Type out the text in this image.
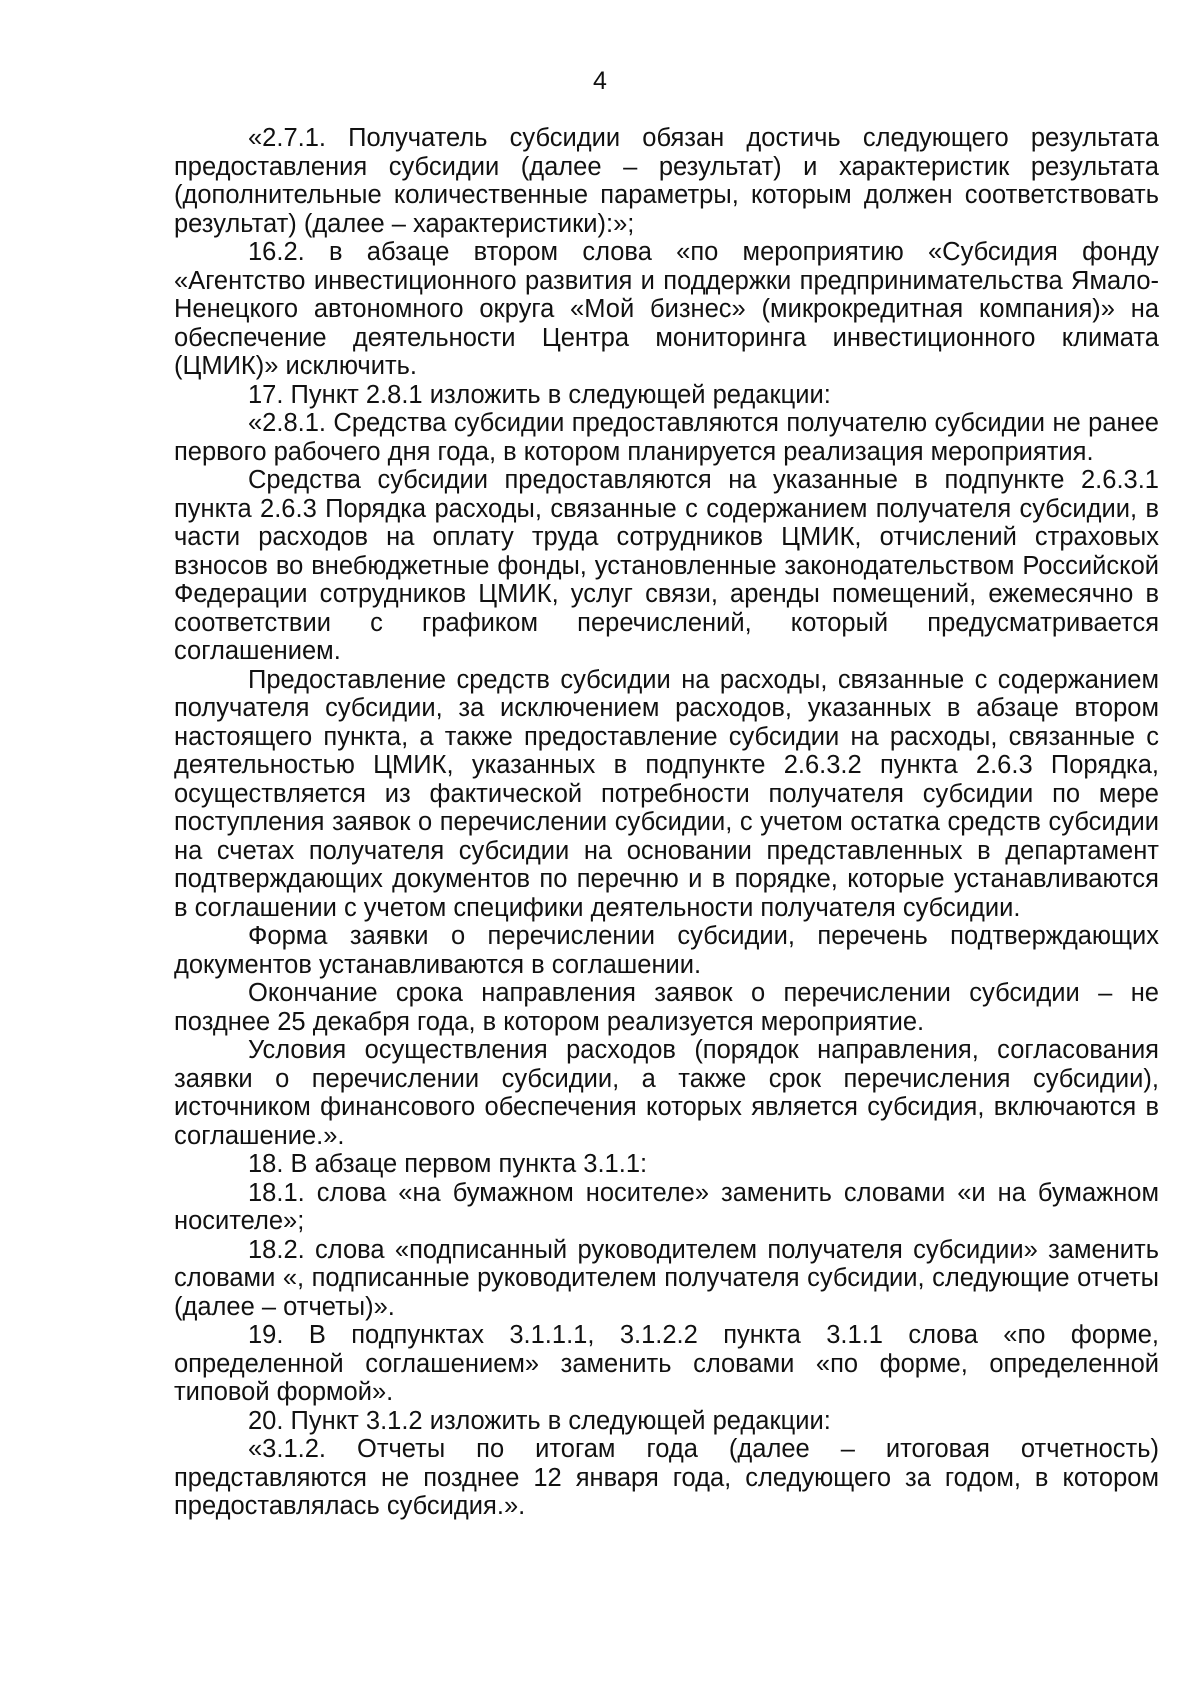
4

«2.7.1. Получатель субсидии обязан достичь следующего результата предоставления субсидии (далее – результат) и характеристик результата (дополнительные количественные параметры, которым должен соответствовать результат) (далее – характеристики):»;

16.2. в абзаце втором слова «по мероприятию «Субсидия фонду «Агентство инвестиционного развития и поддержки предпринимательства Ямало-Ненецкого автономного округа «Мой бизнес» (микрокредитная компания)» на обеспечение деятельности Центра мониторинга инвестиционного климата (ЦМИК)» исключить.

17. Пункт 2.8.1 изложить в следующей редакции:

«2.8.1. Средства субсидии предоставляются получателю субсидии не ранее первого рабочего дня года, в котором планируется реализация мероприятия.

Средства субсидии предоставляются на указанные в подпункте 2.6.3.1 пункта 2.6.3 Порядка расходы, связанные с содержанием получателя субсидии, в части расходов на оплату труда сотрудников ЦМИК, отчислений страховых взносов во внебюджетные фонды, установленные законодательством Российской Федерации сотрудников ЦМИК, услуг связи, аренды помещений, ежемесячно в соответствии с графиком перечислений, который предусматривается соглашением.

Предоставление средств субсидии на расходы, связанные с содержанием получателя субсидии, за исключением расходов, указанных в абзаце втором настоящего пункта, а также предоставление субсидии на расходы, связанные с деятельностью ЦМИК, указанных в подпункте 2.6.3.2 пункта 2.6.3 Порядка, осуществляется из фактической потребности получателя субсидии по мере поступления заявок о перечислении субсидии, с учетом остатка средств субсидии на счетах получателя субсидии на основании представленных в департамент подтверждающих документов по перечню и в порядке, которые устанавливаются в соглашении с учетом специфики деятельности получателя субсидии.

Форма заявки о перечислении субсидии, перечень подтверждающих документов устанавливаются в соглашении.

Окончание срока направления заявок о перечислении субсидии – не позднее 25 декабря года, в котором реализуется мероприятие.

Условия осуществления расходов (порядок направления, согласования заявки о перечислении субсидии, а также срок перечисления субсидии), источником финансового обеспечения которых является субсидия, включаются в соглашение.».

18. В абзаце первом пункта 3.1.1:

18.1. слова «на бумажном носителе» заменить словами «и на бумажном носителе»;

18.2. слова «подписанный руководителем получателя субсидии» заменить словами «, подписанные руководителем получателя субсидии, следующие отчеты (далее – отчеты)».

19. В подпунктах 3.1.1.1, 3.1.2.2 пункта 3.1.1 слова «по форме, определенной соглашением» заменить словами «по форме, определенной типовой формой».

20. Пункт 3.1.2 изложить в следующей редакции:

«3.1.2. Отчеты по итогам года (далее – итоговая отчетность) представляются не позднее 12 января года, следующего за годом, в котором предоставлялась субсидия.».
